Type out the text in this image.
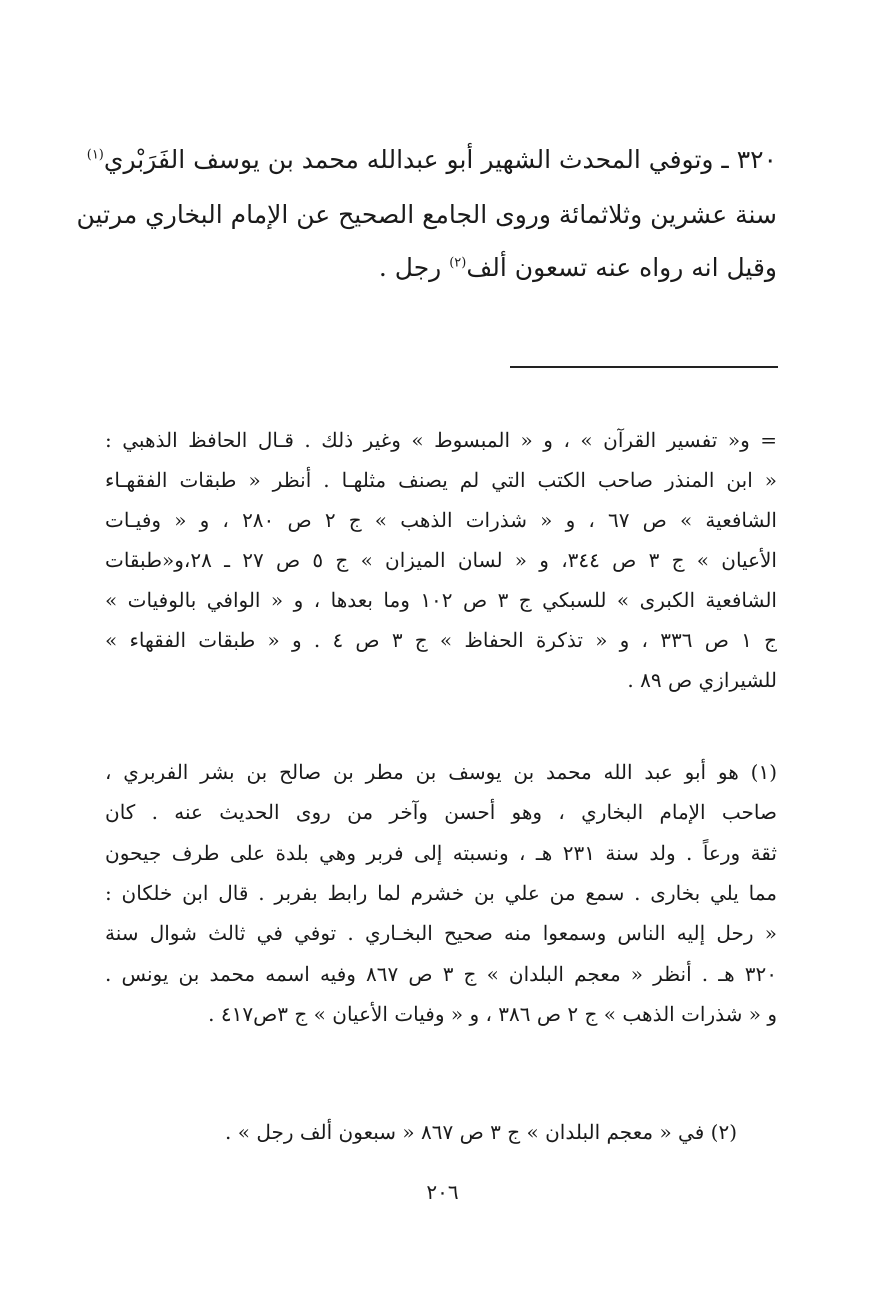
٣٢٠ ـ وتوفي المحدث الشهير أبو عبدالله محمد بن يوسف الفَرَبْري$^{(١)}$
سنة عشرين وثلاثمائة وروى الجامع الصحيح عن الإمام البخاري مرتين
وقيل انه رواه عنه تسعون ألف$^{(٢)}$ رجل .
= و« تفسير القرآن » ، و « المبسوط » وغير ذلك . قـال الحافظ الذهبي :
« ابن المنذر صاحب الكتب التي لم يصنف مثلهـا . أنظر « طبقات الفقهـاء
الشافعية » ص ٦٧ ، و « شذرات الذهب » ج ٢ ص ٢٨٠ ، و « وفيـات
الأعيان » ج ٣ ص ٣٤٤، و « لسان الميزان » ج ٥ ص ٢٧ ـ ٢٨،و«طبقات
الشافعية الكبرى » للسبكي ج ٣ ص ١٠٢ وما بعدها ، و « الوافي بالوفيات »
ج ١ ص ٣٣٦ ، و « تذكرة الحفاظ » ج ٣ ص ٤ . و « طبقات الفقهاء »
للشيرازي ص ٨٩ .
(١) هو أبو عبد الله محمد بن يوسف بن مطر بن صالح بن بشر الفربري ،
صاحب الإمام البخاري ، وهو أحسن وآخر من روى الحديث عنه . كان
ثقة ورعاً . ولد سنة ٢٣١ هـ ، ونسبته إلى فربر وهي بلدة على طرف جيحون
مما يلي بخارى . سمع من علي بن خشرم لما رابط بفربر . قال ابن خلكان :
« رحل إليه الناس وسمعوا منه صحيح البخـاري . توفي في ثالث شوال سنة
٣٢٠ هـ . أنظر « معجم البلدان » ج ٣ ص ٨٦٧ وفيه اسمه محمد بن يونس .
و « شذرات الذهب » ج ٢ ص ٣٨٦ ، و « وفيات الأعيان » ج ٣ص٤١٧ .
(٢) في « معجم البلدان » ج ٣ ص ٨٦٧ « سبعون ألف رجل » .
٢٠٦
